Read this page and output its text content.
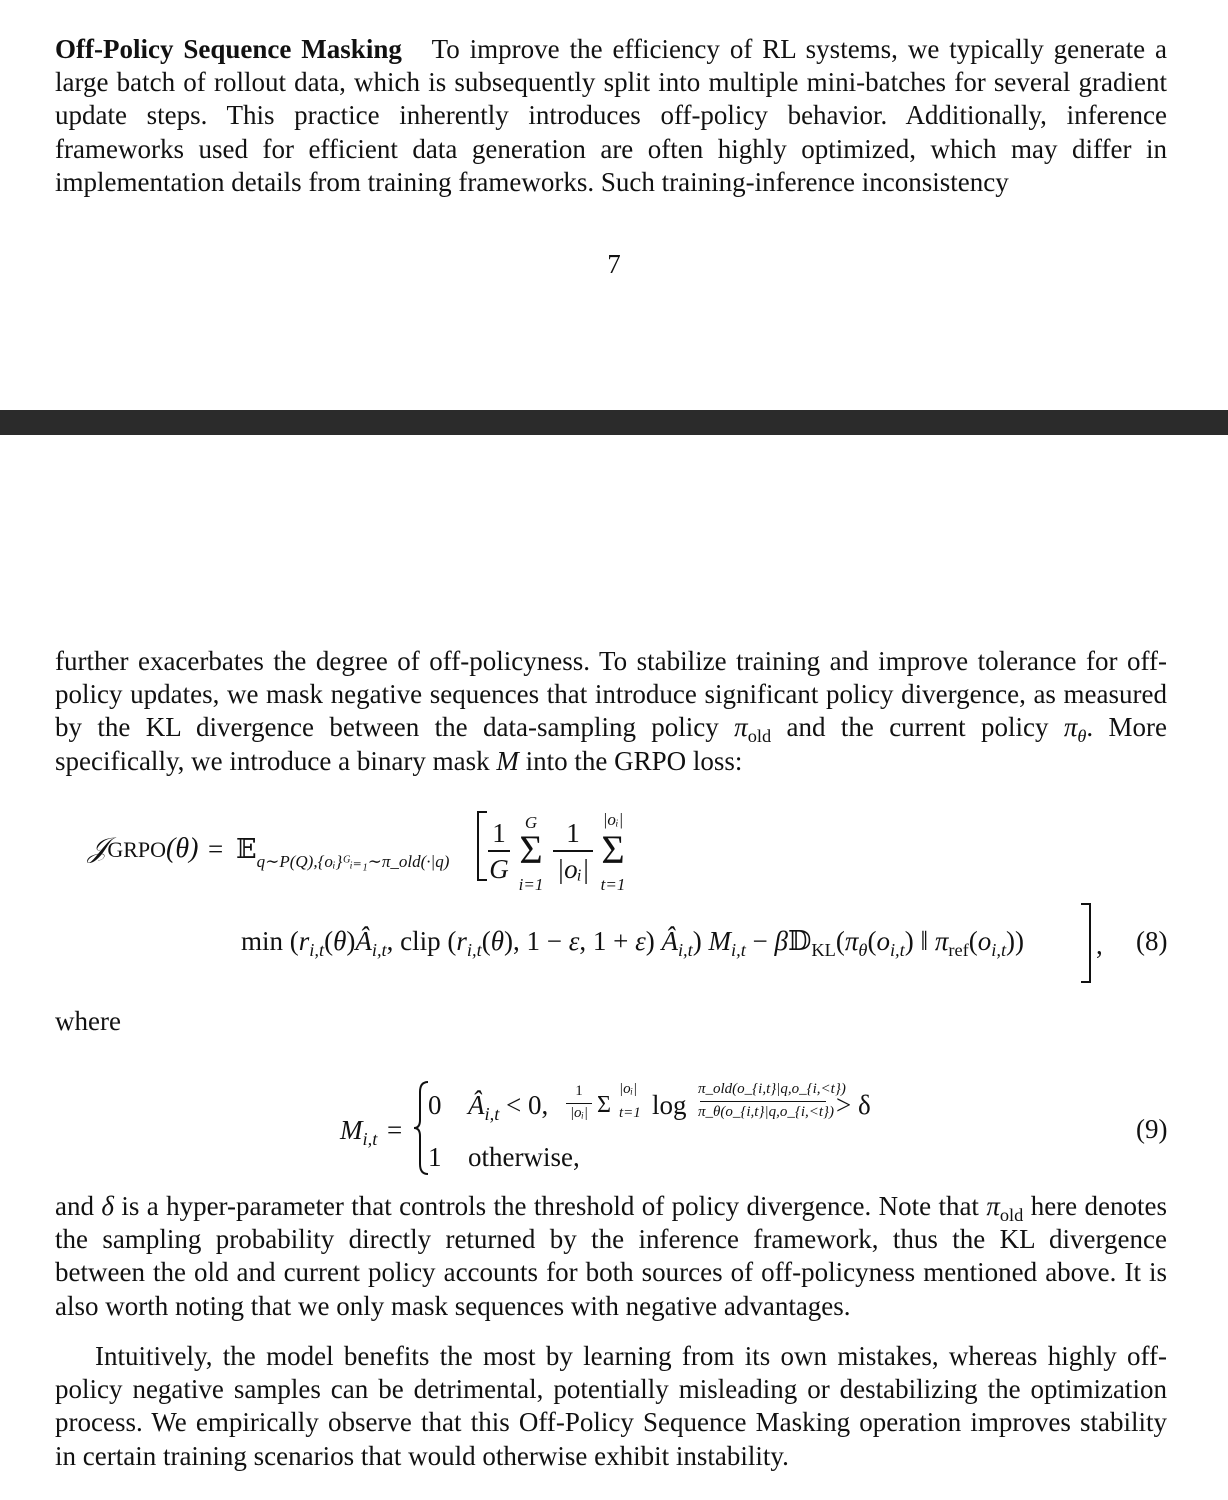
Off-Policy Sequence Masking To improve the efficiency of RL systems, we typically generate a large batch of rollout data, which is subsequently split into multiple mini-batches for several gradient update steps. This practice inherently introduces off-policy behavior. Additionally, inference frameworks used for efficient data generation are often highly optimized, which may differ in implementation details from training frameworks. Such training-inference inconsistency

7

further exacerbates the degree of off-policyness. To stabilize training and improve tolerance for off-policy updates, we mask negative sequences that introduce significant policy divergence, as measured by the KL divergence between the data-sampling policy $\pi_{old}$ and the current policy $\pi_\theta$. More specifically, we introduce a binary mask M into the GRPO loss:

𝒥GRPO(θ) = 𝔼$_{q\sim P(Q),\{oᵢ\}ᴳᵢ_{=1}\sim\pi\_old(\cdot|q)}$
1
G
G
Σ
i=1
1
|oᵢ|
|oᵢ|
Σ
t=1
$\min (r_{i,t}(\theta)Â_{i,t}$, clip ($r_{i,t}(\theta)$, 1 − ε, 1 + ε) $Â_{i,t}$) $M_{i,t}$ − $\beta 𝔻_{KL}(\pi_\theta(o_{i,t})$ ‖ $\pi_{ref}(o_{i,t})$)	, (8)
where
$M_{i,t}$ =
0 $Â_{i,t} < 0$,	1
|oᵢ| Σ
|oᵢ|
t=1 log
π_old(o_{i,t}|q,o_{i,<t})
π_θ(o_{i,t}|q,o_{i,<t}) > δ
1 otherwise,
(9)

and δ is a hyper-parameter that controls the threshold of policy divergence. Note that $\pi_{old}$ here denotes the sampling probability directly returned by the inference framework, thus the KL divergence between the old and current policy accounts for both sources of off-policyness mentioned above. It is also worth noting that we only mask sequences with negative advantages.

Intuitively, the model benefits the most by learning from its own mistakes, whereas highly off-policy negative samples can be detrimental, potentially misleading or destabilizing the optimization process. We empirically observe that this Off-Policy Sequence Masking operation improves stability in certain training scenarios that would otherwise exhibit instability.
